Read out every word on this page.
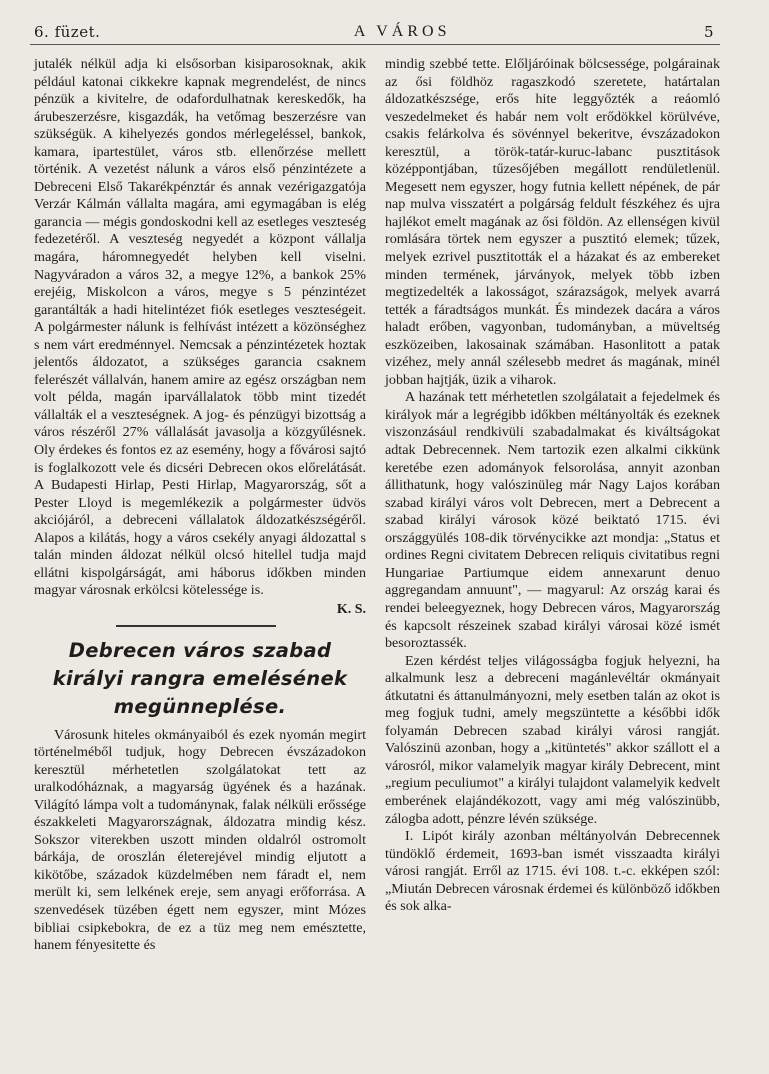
6. füzet.	A VÁROS	5

jutalék nélkül adja ki elsősorban kisiparosoknak, akik például katonai cikkekre kapnak megrendelést, de nincs pénzük a kivitelre, de odafordulhatnak kereskedők, ha árubeszerzésre, kisgazdák, ha vetőmag beszerzésre van szükségük. A kihelyezés gondos mérlegeléssel, bankok, kamara, ipartestület, város stb. ellenőrzése mellett történik. A vezetést nálunk a város első pénzintézete a Debreceni Első Takarékpénztár és annak vezérigazgatója Verzár Kálmán vállalta magára, ami egymagában is elég garancia — mégis gondoskodni kell az esetleges veszteség fedezetéről. A veszteség negyedét a központ vállalja magára, háromnegyedét helyben kell viselni. Nagyváradon a város 32, a megye 12%, a bankok 25% erejéig, Miskolcon a város, megye s 5 pénzintézet garantálták a hadi hitelintézet fiók esetleges veszteségeit. A polgármester nálunk is felhívást intézett a közönséghez s nem várt eredménnyel. Nemcsak a pénzintézetek hoztak jelentős áldozatot, a szükséges garancia csaknem felerészét vállalván, hanem amire az egész országban nem volt példa, magán iparvállalatok több mint tizedét vállalták el a veszteségnek. A jog- és pénzügyi bizottság a város részéről 27% vállalását javasolja a közgyűlésnek. Oly érdekes és fontos ez az esemény, hogy a fővárosi sajtó is foglalkozott vele és dicséri Debrecen okos előrelátását. A Budapesti Hirlap, Pesti Hirlap, Magyarország, sőt a Pester Lloyd is megemlékezik a polgármester üdvös akciójáról, a debreceni vállalatok áldozatkészségéről. Alapos a kilátás, hogy a város csekély anyagi áldozattal s talán minden áldozat nélkül olcsó hitellel tudja majd ellátni kispolgárságát, ami háborus időkben minden magyar városnak erkölcsi kötelessége is.

K. S.
Debrecen város szabad királyi rangra emelésének megünneplése.

Városunk hiteles okmányaiból és ezek nyomán megirt történelméből tudjuk, hogy Debrecen évszázadokon keresztül mérhetetlen szolgálatokat tett az uralkodóháznak, a magyarság ügyének és a hazának. Világító lámpa volt a tudománynak, falak nélküli erőssége északkeleti Magyarországnak, áldozatra mindig kész. Sokszor viterekben uszott minden oldalról ostromolt bárkája, de oroszlán életerejével mindig eljutott a kikötőbe, századok küzdelmében nem fáradt el, nem merült ki, sem lelkének ereje, sem anyagi erőforrása. A szenvedések tüzében égett nem egyszer, mint Mózes bibliai csipkebokra, de ez a tüz meg nem emésztette, hanem fényesitette és

mindig szebbé tette. Előljáróinak bölcsessége, polgárainak az ősi földhöz ragaszkodó szeretete, határtalan áldozatkészsége, erős hite leggyőzték a reáomló veszedelmeket és habár nem volt erődökkel körülvéve, csakis felárkolva és sövénnyel bekeritve, évszázadokon keresztül, a török-tatár-kuruc-labanc pusztitások középpontjában, tűzesőjében megállott rendületlenül. Megesett nem egyszer, hogy futnia kellett népének, de pár nap mulva visszatért a polgárság feldult fészkéhez és ujra hajlékot emelt magának az ősi földön. Az ellenségen kivül romlására törtek nem egyszer a pusztitó elemek; tűzek, melyek ezrivel pusztitották el a házakat és az embereket minden termének, járványok, melyek több izben megtizedelték a lakosságot, szárazságok, melyek avarrá tették a fáradtságos munkát. És mindezek dacára a város haladt erőben, vagyonban, tudományban, a müveltség eszközeiben, lakosainak számában. Hasonlitott a patak vizéhez, mely annál szélesebb medret ás magának, minél jobban hajtják, üzik a viharok.

A hazának tett mérhetetlen szolgálatait a fejedelmek és királyok már a legrégibb időkben méltányolták és ezeknek viszonzásául rendkivüli szabadalmakat és kiváltságokat adtak Debrecennek. Nem tartozik ezen alkalmi cikkünk keretébe ezen adományok felsorolása, annyit azonban állithatunk, hogy valószinüleg már Nagy Lajos korában szabad királyi város volt Debrecen, mert a Debrecent a szabad királyi városok közé beiktató 1715. évi országgyülés 108-dik törvénycikke azt mondja: „Status et ordines Regni civitatem Debrecen reliquis civitatibus regni Hungariae Partiumque eidem annexarunt denuo aggregandam annuunt", — magyarul: Az ország karai és rendei beleegyeznek, hogy Debrecen város, Magyarország és kapcsolt részeinek szabad királyi városai közé ismét besoroztassék.

Ezen kérdést teljes világosságba fogjuk helyezni, ha alkalmunk lesz a debreceni magánlevéltár okmányait átkutatni és áttanulmányozni, mely esetben talán az okot is meg fogjuk tudni, amely megszüntette a későbbi idők folyamán Debrecen szabad királyi városi rangját. Valószinü azonban, hogy a „kitüntetés" akkor szállott el a városról, mikor valamelyik magyar király Debrecent, mint „regium peculiumot" a királyi tulajdont valamelyik kedvelt emberének elajándékozott, vagy ami még valószinübb, zálogba adott, pénzre lévén szüksége.

I. Lipót király azonban méltányolván Debrecennek tündöklő érdemeit, 1693-ban ismét visszaadta királyi városi rangját. Erről az 1715. évi 108. t.-c. ekképen szól: „Miután Debrecen városnak érdemei és különböző időkben és sok alka-
